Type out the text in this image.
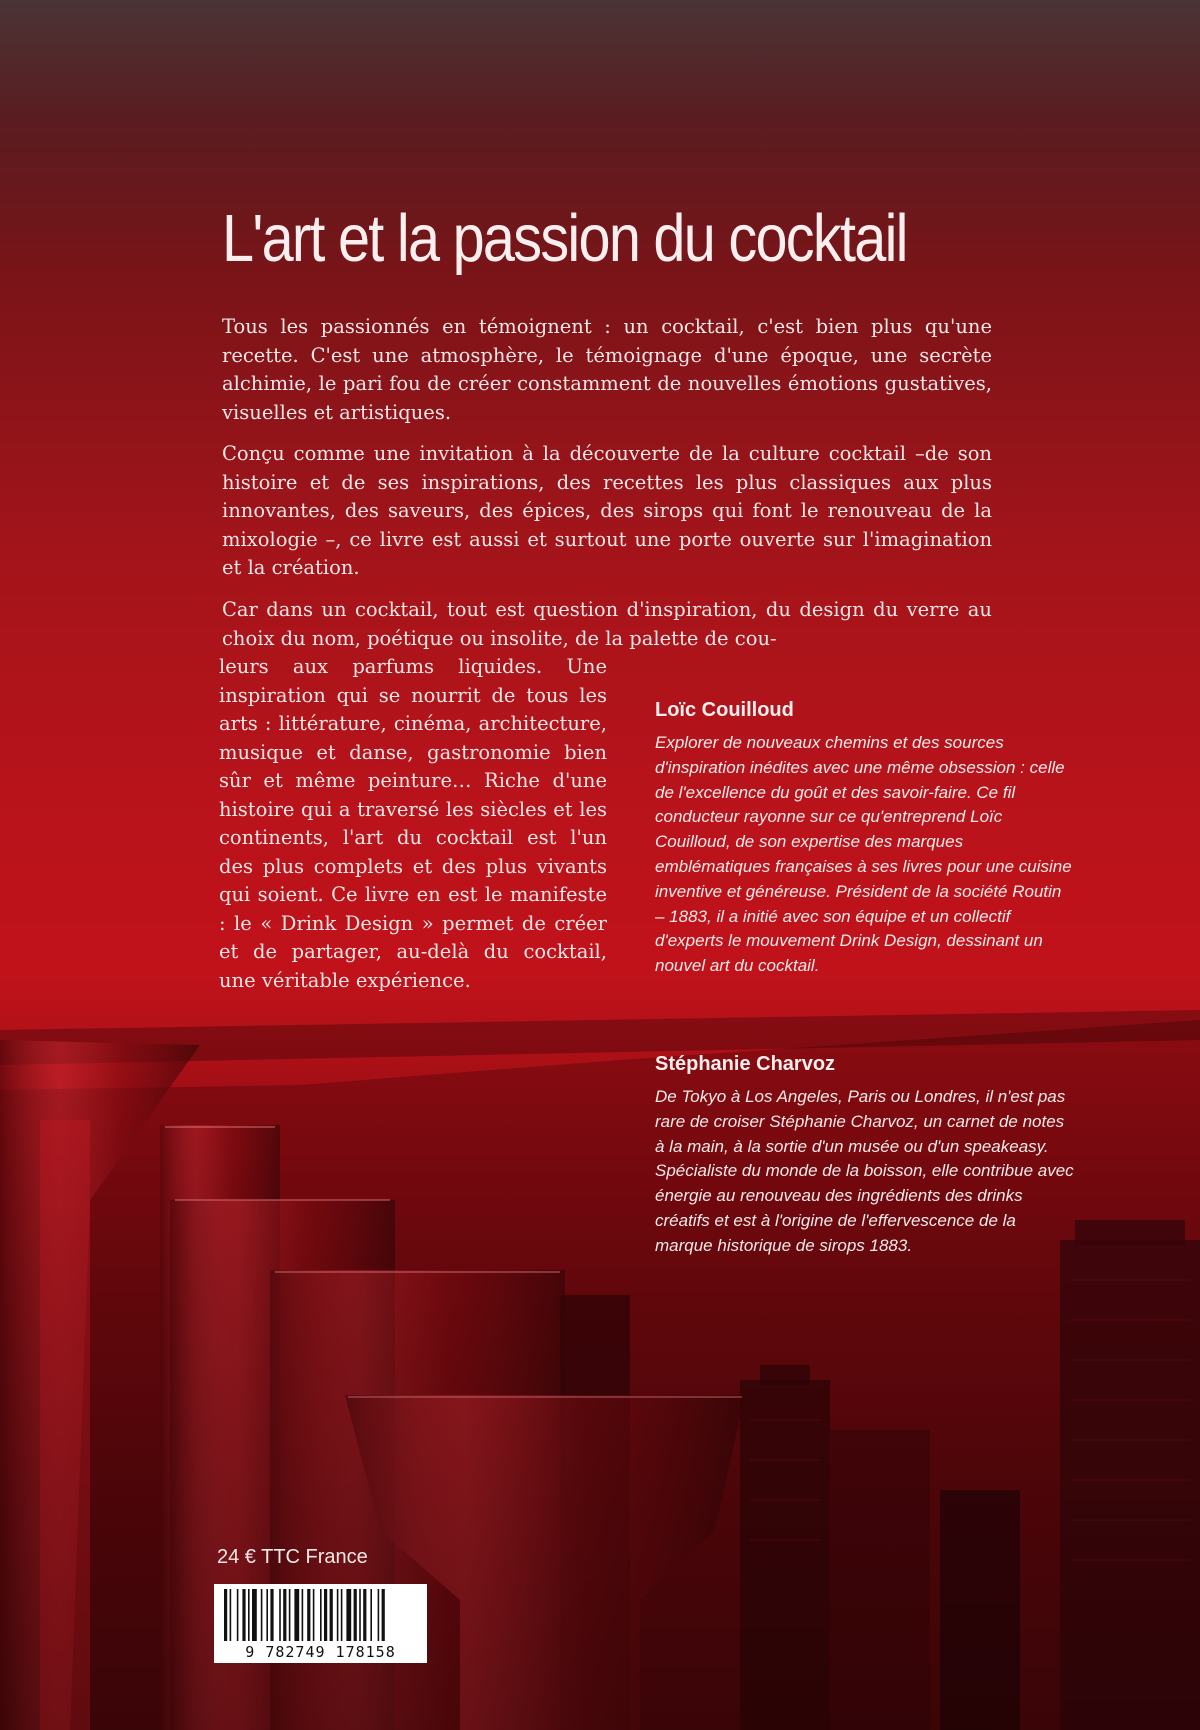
L'art et la passion du cocktail

Tous les passionnés en témoignent : un cocktail, c'est bien plus qu'une recette. C'est une atmosphère, le témoignage d'une époque, une secrète alchimie, le pari fou de créer constamment de nouvelles émotions gustatives, visuelles et artistiques.

Conçu comme une invitation à la découverte de la culture cocktail –de son histoire et de ses inspirations, des recettes les plus classiques aux plus innovantes, des saveurs, des épices, des sirops qui font le renouveau de la mixologie –, ce livre est aussi et surtout une porte ouverte sur l'imagination et la création.

Car dans un cocktail, tout est question d'inspiration, du design du verre au choix du nom, poétique ou insolite, de la palette de cou-

leurs aux parfums liquides. Une inspiration qui se nourrit de tous les arts : littérature, cinéma, architecture, musique et danse, gastronomie bien sûr et même peinture… Riche d'une histoire qui a traversé les siècles et les continents, l'art du cocktail est l'un des plus complets et des plus vivants qui soient. Ce livre en est le manifeste : le « Drink Design » permet de créer et de partager, au-delà du cocktail, une véritable expérience.

Loïc Couilloud

Explorer de nouveaux chemins et des sources d'inspiration inédites avec une même obsession : celle de l'excellence du goût et des savoir-faire. Ce fil conducteur rayonne sur ce qu'entreprend Loïc Couilloud, de son expertise des marques emblématiques françaises à ses livres pour une cuisine inventive et généreuse. Président de la société Routin – 1883, il a initié avec son équipe et un collectif d'experts le mouvement Drink Design, dessinant un nouvel art du cocktail.

Stéphanie Charvoz

De Tokyo à Los Angeles, Paris ou Londres, il n'est pas rare de croiser Stéphanie Charvoz, un carnet de notes à la main, à la sortie d'un musée ou d'un speakeasy. Spécialiste du monde de la boisson, elle contribue avec énergie au renouveau des ingrédients des drinks créatifs et est à l'origine de l'effervescence de la marque historique de sirops 1883.

24 € TTC France

9 782749 178158
